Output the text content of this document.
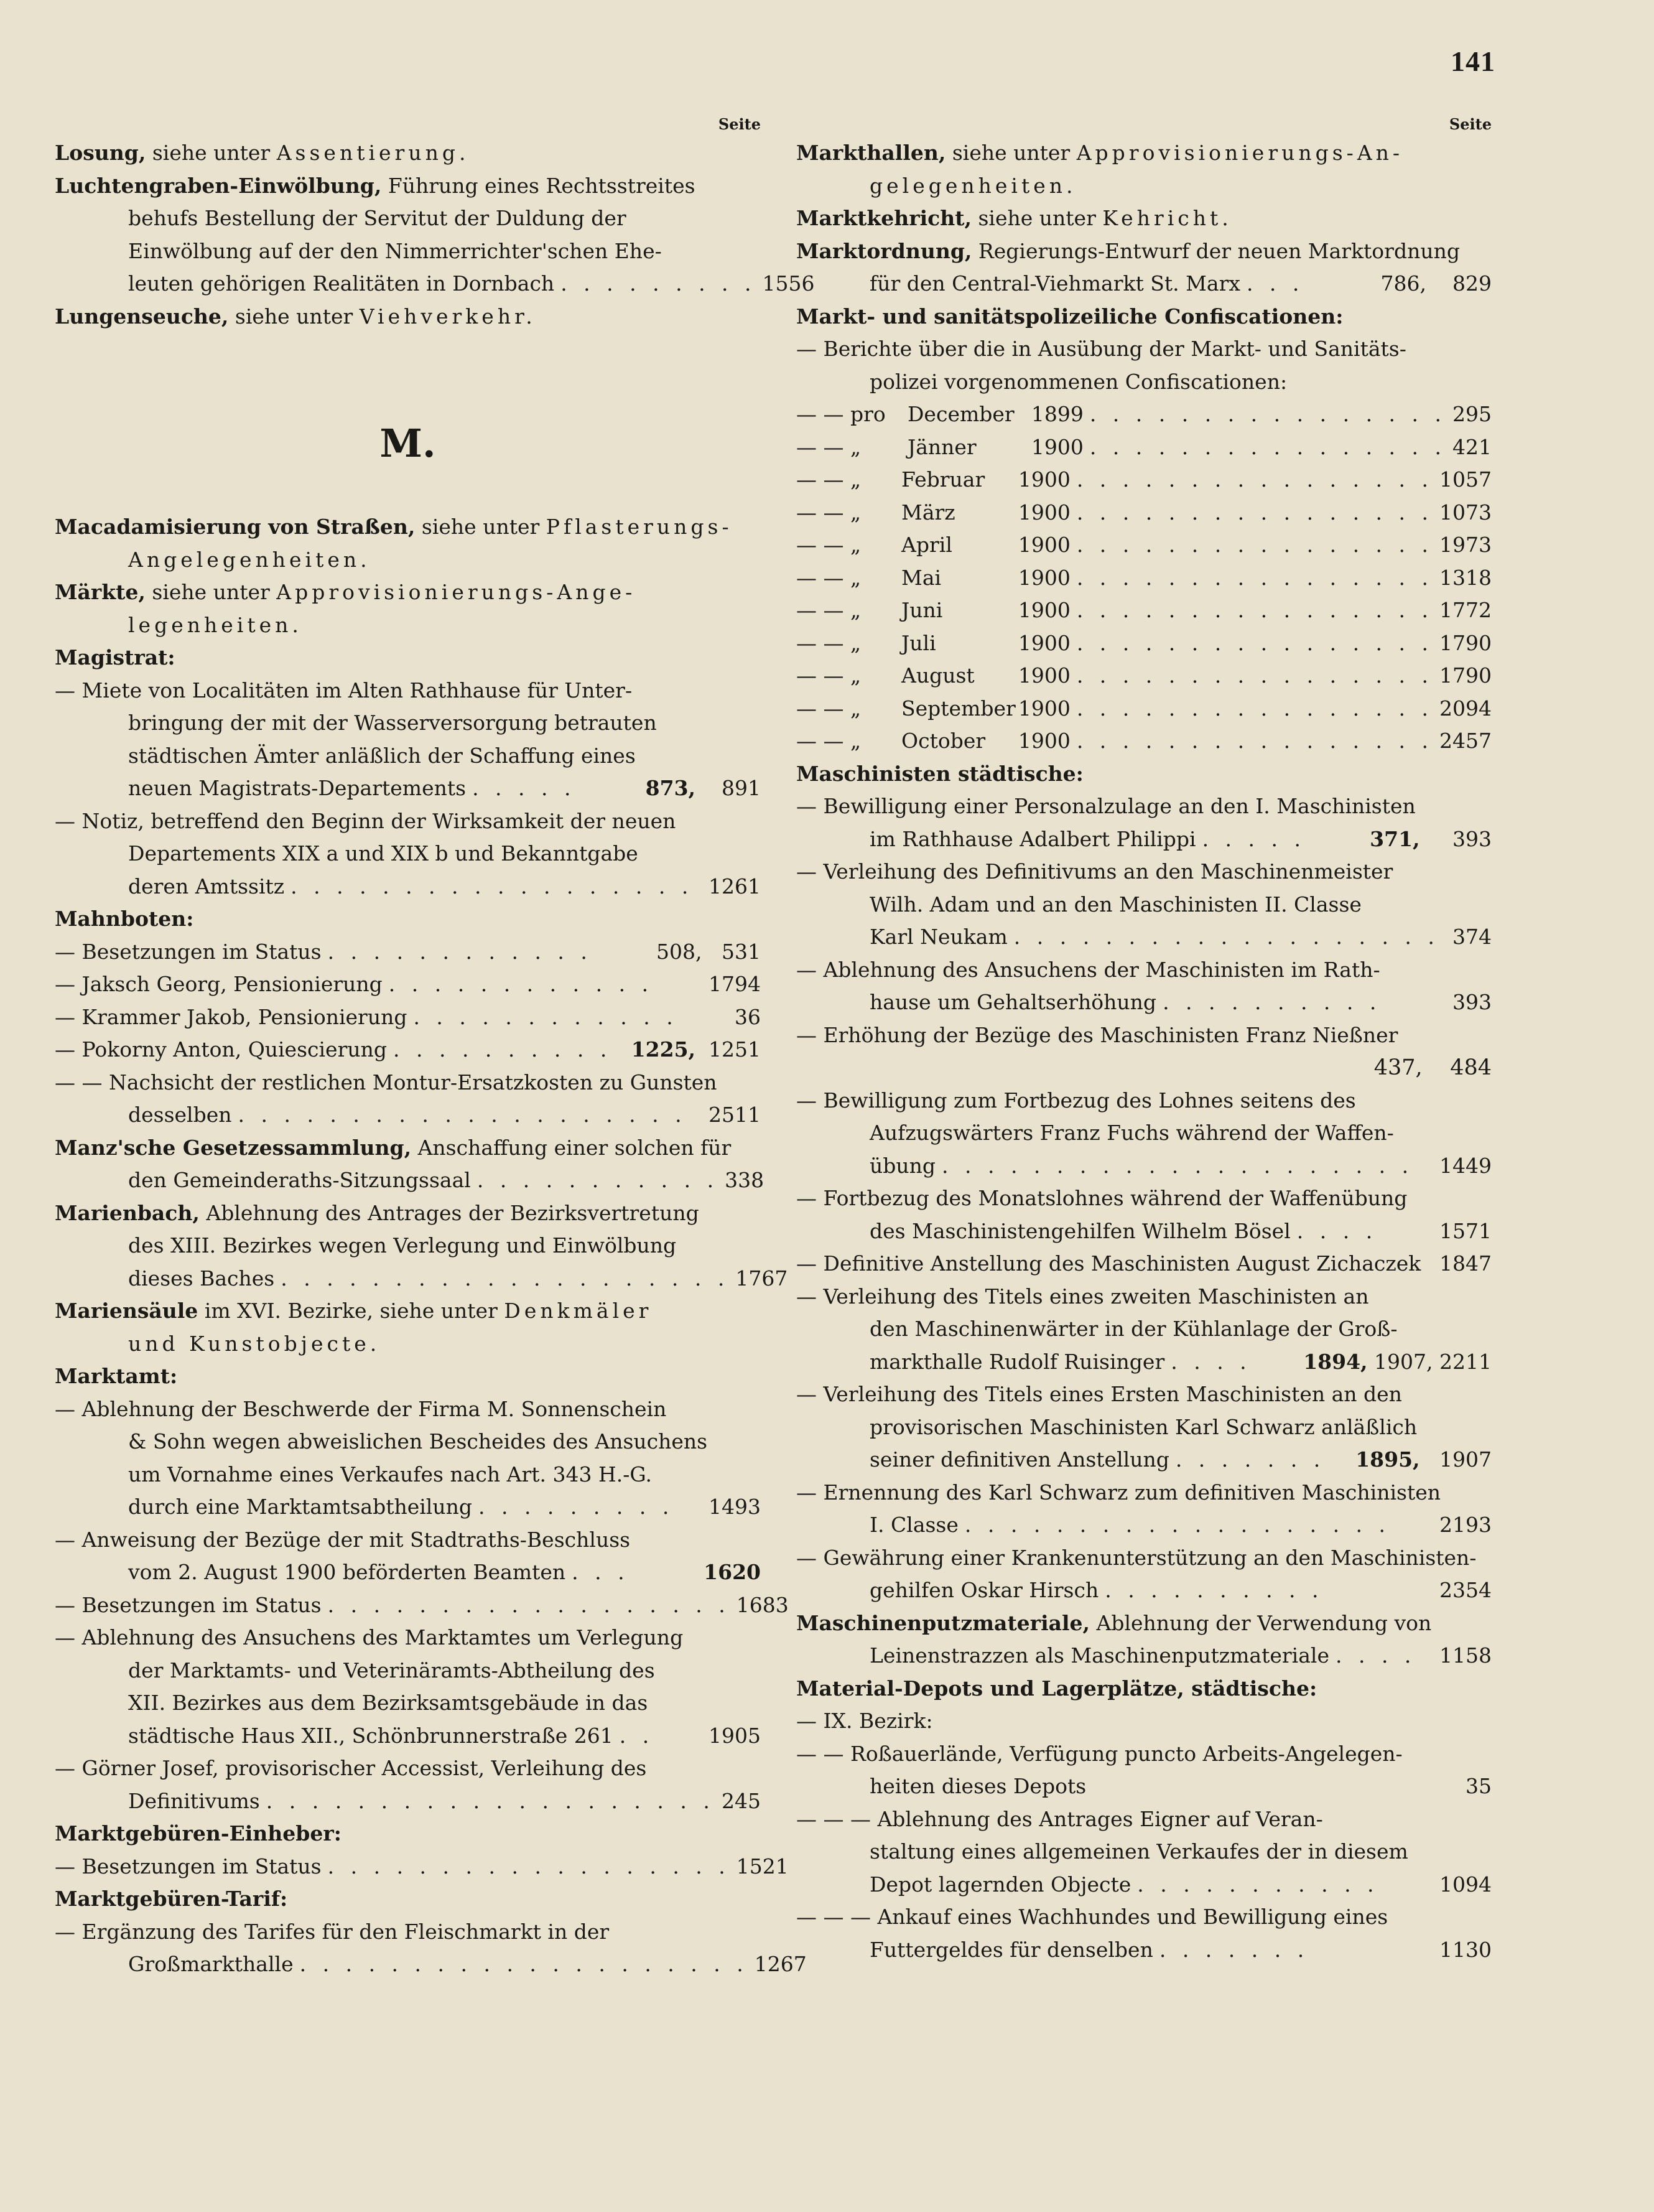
141
Seite
Losung, siehe unter Assentierung.
Luchtengraben-Einwölbung, Führung eines Rechtsstreites
behufs Bestellung der Servitut der Duldung der
Einwölbung auf der den Nimmerrichter'schen Ehe-
leuten gehörigen Realitäten in Dornbach . . . . . . . . . 1556
Lungenseuche, siehe unter Viehverkehr.
M.
Macadamisierung von Straßen, siehe unter Pflasterungs-
Angelegenheiten.
Märkte, siehe unter Approvisionierungs-Ange-
legenheiten.
Magistrat:
— Miete von Localitäten im Alten Rathhause für Unter-
bringung der mit der Wasserversorgung betrauten
städtischen Ämter anläßlich der Schaffung eines
neuen Magistrats-Departements . . . . .	873, 891
— Notiz, betreffend den Beginn der Wirksamkeit der neuen
Departements XIX a und XIX b und Bekanntgabe
deren Amtssitz . . . . . . . . . . . . . . . . . . 1261
Mahnboten:
— Besetzungen im Status . . . . . . . . . . . .	508, 531
— Jaksch Georg, Pensionierung . . . . . . . . . . . .	1794
— Krammer Jakob, Pensionierung . . . . . . . . . . . .	36
— Pokorny Anton, Quiescierung . . . . . . . . . . 1225, 1251
— — Nachsicht der restlichen Montur-Ersatzkosten zu Gunsten
desselben . . . . . . . . . . . . . . . . . . . .	2511
Manz'sche Gesetzessammlung, Anschaffung einer solchen für
den Gemeinderaths-Sitzungssaal . . . . . . . . . . . 338
Marienbach, Ablehnung des Antrages der Bezirksvertretung
des XIII. Bezirkes wegen Verlegung und Einwölbung
dieses Baches . . . . . . . . . . . . . . . . . . . . 1767
Mariensäule im XVI. Bezirke, siehe unter Denkmäler
und Kunstobjecte.
Marktamt:
— Ablehnung der Beschwerde der Firma M. Sonnenschein
& Sohn wegen abweislichen Bescheides des Ansuchens
um Vornahme eines Verkaufes nach Art. 343 H.-G.
durch eine Marktamtsabtheilung . . . . . . . . .	1493
— Anweisung der Bezüge der mit Stadtraths-Beschluss
vom 2. August 1900 beförderten Beamten . . .	1620
— Besetzungen im Status . . . . . . . . . . . . . . . . . . 1683
— Ablehnung des Ansuchens des Marktamtes um Verlegung
der Marktamts- und Veterinäramts-Abtheilung des
XII. Bezirkes aus dem Bezirksamtsgebäude in das
städtische Haus XII., Schönbrunnerstraße 261 . .	1905
— Görner Josef, provisorischer Accessist, Verleihung des
Definitivums . . . . . . . . . . . . . . . . . . . . 245
Marktgebüren-Einheber:
— Besetzungen im Status . . . . . . . . . . . . . . . . . . 1521
Marktgebüren-Tarif:
— Ergänzung des Tarifes für den Fleischmarkt in der
Großmarkthalle . . . . . . . . . . . . . . . . . . . . 1267
Seite
Markthallen, siehe unter Approvisionierungs-An-
gelegenheiten.
Marktkehricht, siehe unter Kehricht.
Marktordnung, Regierungs-Entwurf der neuen Marktordnung
für den Central-Viehmarkt St. Marx . . .	786, 829
Markt- und sanitätspolizeiliche Confiscationen:
— Berichte über die in Ausübung der Markt- und Sanitäts-
polizei vorgenommenen Confiscationen:
— — pro	December 1899 . . . . . . . . . . . . . . . . 295
— — „	Jänner	1900 . . . . . . . . . . . . . . . . 421
— — „	Februar	1900 . . . . . . . . . . . . . . . . 1057
— — „	März	1900 . . . . . . . . . . . . . . . . 1073
— — „	April	1900 . . . . . . . . . . . . . . . . 1973
— — „	Mai	1900 . . . . . . . . . . . . . . . . 1318
— — „	Juni	1900 . . . . . . . . . . . . . . . . 1772
— — „	Juli	1900 . . . . . . . . . . . . . . . . 1790
— — „	August	1900 . . . . . . . . . . . . . . . . 1790
— — „	September 1900 . . . . . . . . . . . . . . . . 2094
— — „	October	1900 . . . . . . . . . . . . . . . . 2457
Maschinisten städtische:
— Bewilligung einer Personalzulage an den I. Maschinisten
im Rathhause Adalbert Philippi . . . . .	371, 393
— Verleihung des Definitivums an den Maschinenmeister
Wilh. Adam und an den Maschinisten II. Classe
Karl Neukam . . . . . . . . . . . . . . . . . . . 374
— Ablehnung des Ansuchens der Maschinisten im Rath-
hause um Gehaltserhöhung . . . . . . . . . .	393
— Erhöhung der Bezüge des Maschinisten Franz Nießner
437, 484
— Bewilligung zum Fortbezug des Lohnes seitens des
Aufzugswärters Franz Fuchs während der Waffen-
übung . . . . . . . . . . . . . . . . . . . . .	1449
— Fortbezug des Monatslohnes während der Waffenübung
des Maschinistengehilfen Wilhelm Bösel . . . .	1571
— Definitive Anstellung des Maschinisten August Zichaczek 1847
— Verleihung des Titels eines zweiten Maschinisten an
den Maschinenwärter in der Kühlanlage der Groß-
markthalle Rudolf Ruisinger . . . .	1894, 1907, 2211
— Verleihung des Titels eines Ersten Maschinisten an den
provisorischen Maschinisten Karl Schwarz anläßlich
seiner definitiven Anstellung . . . . . . .	1895, 1907
— Ernennung des Karl Schwarz zum definitiven Maschinisten
I. Classe . . . . . . . . . . . . . . . . . . .	2193
— Gewährung einer Krankenunterstützung an den Maschinisten-
gehilfen Oskar Hirsch . . . . . . . . . .	2354
Maschinenputzmateriale, Ablehnung der Verwendung von
Leinenstrazzen als Maschinenputzmateriale . . . .	1158
Material-Depots und Lagerplätze, städtische:
— IX. Bezirk:
— — Roßauerlände, Verfügung puncto Arbeits-Angelegen-
heiten dieses Depots	35
— — — Ablehnung des Antrages Eigner auf Veran-
staltung eines allgemeinen Verkaufes der in diesem
Depot lagernden Objecte . . . . . . . . . . .	1094
— — — Ankauf eines Wachhundes und Bewilligung eines
Futtergeldes für denselben . . . . . . .	1130
